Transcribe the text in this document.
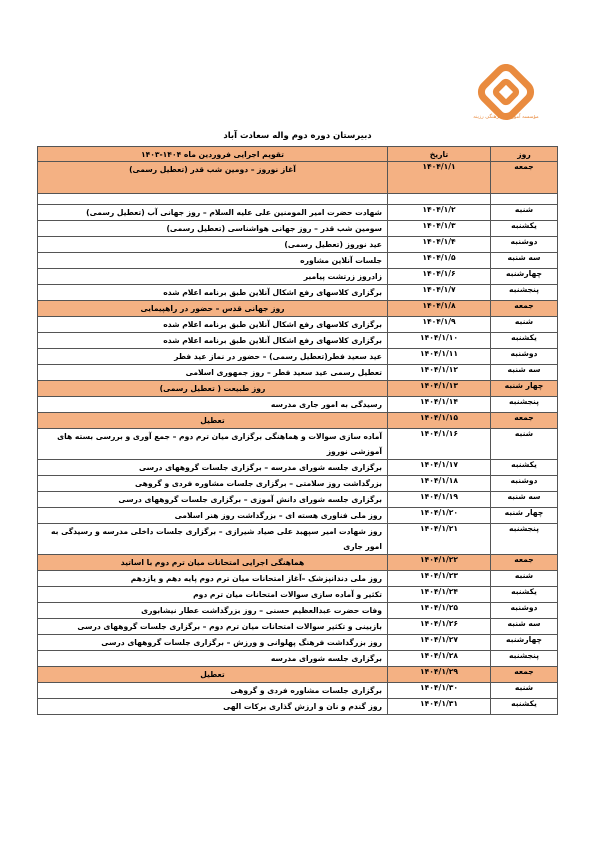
مؤسسه آموزشی فرهنگی رزینه
دبیرستان دوره دوم واله سعادت آباد
روز	تاریخ	تقویم اجرایی فروردین ماه ۱۴۰۴-۱۴۰۳
جمعه	۱۴۰۴/۱/۱	آغاز نوروز – دومین شب قدر (تعطیل رسمی)

شنبه	۱۴۰۴/۱/۲	شهادت حضرت امیر المومنین علی علیه السلام – روز جهانی آب (تعطیل رسمی)
یکشنبه	۱۴۰۴/۱/۳	سومین شب قدر – روز جهانی هواشناسی (تعطیل رسمی)
دوشنبه	۱۴۰۴/۱/۴	عید نوروز (تعطیل رسمی)
سه شنبه	۱۴۰۴/۱/۵	جلسات آنلاین مشاوره
چهارشنبه	۱۴۰۴/۱/۶	زادروز زرتشت پیامبر
پنجشنبه	۱۴۰۴/۱/۷	برگزاری کلاسهای رفع اشکال آنلاین طبق برنامه اعلام شده
جمعه	۱۴۰۴/۱/۸	روز جهانی قدس – حضور در راهپیمایی
شنبه	۱۴۰۴/۱/۹	برگزاری کلاسهای رفع اشکال آنلاین طبق برنامه اعلام شده
یکشنبه	۱۴۰۴/۱/۱۰	برگزاری کلاسهای رفع اشکال آنلاین طبق برنامه اعلام شده
دوشنبه	۱۴۰۴/۱/۱۱	عید سعید فطر(تعطیل رسمی) – حضور در نماز عید فطر
سه شنبه	۱۴۰۴/۱/۱۲	تعطیل رسمی عید سعید فطر – روز جمهوری اسلامی
چهار شنبه	۱۴۰۴/۱/۱۳	روز طبیعت ( تعطیل رسمی)
پنجشنبه	۱۴۰۴/۱/۱۴	رسیدگی به امور جاری مدرسه
جمعه	۱۴۰۴/۱/۱۵	تعطیل
شنبه	۱۴۰۴/۱/۱۶	آماده سازی سوالات و هماهنگی برگزاری میان ترم دوم – جمع آوری و بررسی بسته های آموزشی نوروز
یکشنبه	۱۴۰۴/۱/۱۷	برگزاری جلسه شورای مدرسه – برگزاری جلسات گروههای درسی
دوشنبه	۱۴۰۴/۱/۱۸	بزرگداشت روز سلامتی – برگزاری جلسات مشاوره فردی و گروهی
سه شنبه	۱۴۰۴/۱/۱۹	برگزاری جلسه شورای دانش آموزی – برگزاری جلسات گروههای درسی
چهار شنبه	۱۴۰۴/۱/۲۰	روز ملی فناوری هسته ای – بزرگداشت روز هنر اسلامی
پنجشنبه	۱۴۰۴/۱/۲۱	روز شهادت امیر سپهبد علی صیاد شیرازی – برگزاری جلسات داخلی مدرسه و رسیدگی به امور جاری
جمعه	۱۴۰۴/۱/۲۲	هماهنگی اجرایی امتحانات میان ترم دوم با اساتید
شنبه	۱۴۰۴/۱/۲۳	روز ملی دندانپزشک –آغاز امتحانات میان ترم دوم پایه دهم و یازدهم
یکشنبه	۱۴۰۴/۱/۲۴	تکثیر و آماده سازی سوالات امتحانات میان ترم دوم
دوشنبه	۱۴۰۴/۱/۲۵	وفات حضرت عبدالعظیم حسنی – روز بزرگداشت عطار نیشابوری
سه شنبه	۱۴۰۴/۱/۲۶	بازبینی و تکثیر سوالات امتحانات میان ترم دوم – برگزاری جلسات گروههای درسی
چهارشنبه	۱۴۰۴/۱/۲۷	روز بزرگداشت فرهنگ پهلوانی و ورزش – برگزاری جلسات گروههای درسی
پنجشنبه	۱۴۰۴/۱/۲۸	برگزاری جلسه شورای مدرسه
جمعه	۱۴۰۴/۱/۲۹	تعطیل
شنبه	۱۴۰۴/۱/۳۰	برگزاری جلسات مشاوره فردی و گروهی
یکشنبه	۱۴۰۴/۱/۳۱	روز گندم و نان و ارزش گذاری برکات الهی
